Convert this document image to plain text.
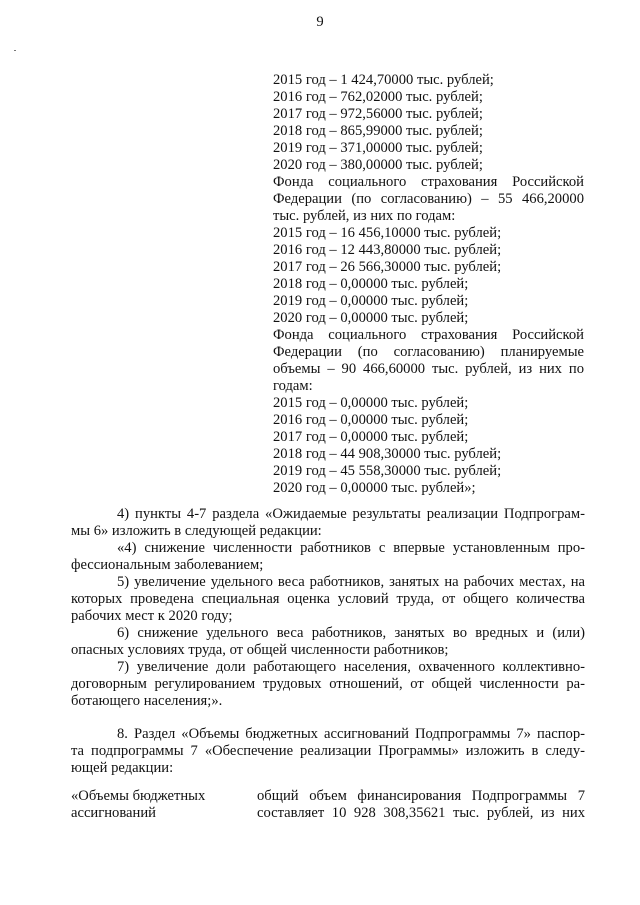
9
2015 год – 1 424,70000 тыс. рублей;
2016 год – 762,02000 тыс. рублей;
2017 год – 972,56000 тыс. рублей;
2018 год – 865,99000 тыс. рублей;
2019 год – 371,00000 тыс. рублей;
2020 год – 380,00000 тыс. рублей;
Фонда социального страхования Российской
Федерации (по согласованию) – 55 466,20000
тыс. рублей, из них по годам:
2015 год – 16 456,10000 тыс. рублей;
2016 год – 12 443,80000 тыс. рублей;
2017 год – 26 566,30000 тыс. рублей;
2018 год – 0,00000 тыс. рублей;
2019 год – 0,00000 тыс. рублей;
2020 год – 0,00000 тыс. рублей;
Фонда социального страхования Российской
Федерации (по согласованию) планируемые
объемы – 90 466,60000 тыс. рублей, из них по
годам:
2015 год – 0,00000 тыс. рублей;
2016 год – 0,00000 тыс. рублей;
2017 год – 0,00000 тыс. рублей;
2018 год – 44 908,30000 тыс. рублей;
2019 год – 45 558,30000 тыс. рублей;
2020 год – 0,00000 тыс. рублей»;
4) пункты 4-7 раздела «Ожидаемые результаты реализации Подпрограм-
мы 6» изложить в следующей редакции:
«4) снижение численности работников с впервые установленным про-
фессиональным заболеванием;
5) увеличение удельного веса работников, занятых на рабочих местах, на
которых проведена специальная оценка условий труда, от общего количества
рабочих мест к 2020 году;
6) снижение удельного веса работников, занятых во вредных и (или)
опасных условиях труда, от общей численности работников;
7) увеличение доли работающего населения, охваченного коллективно-
договорным регулированием трудовых отношений, от общей численности ра-
ботающего населения;».
8. Раздел «Объемы бюджетных ассигнований Подпрограммы 7» паспор-
та подпрограммы 7 «Обеспечение реализации Программы» изложить в следу-
ющей редакции:
«Объемы бюджетных
ассигнований
общий объем финансирования Подпрограммы 7
составляет 10 928 308,35621 тыс. рублей, из них
